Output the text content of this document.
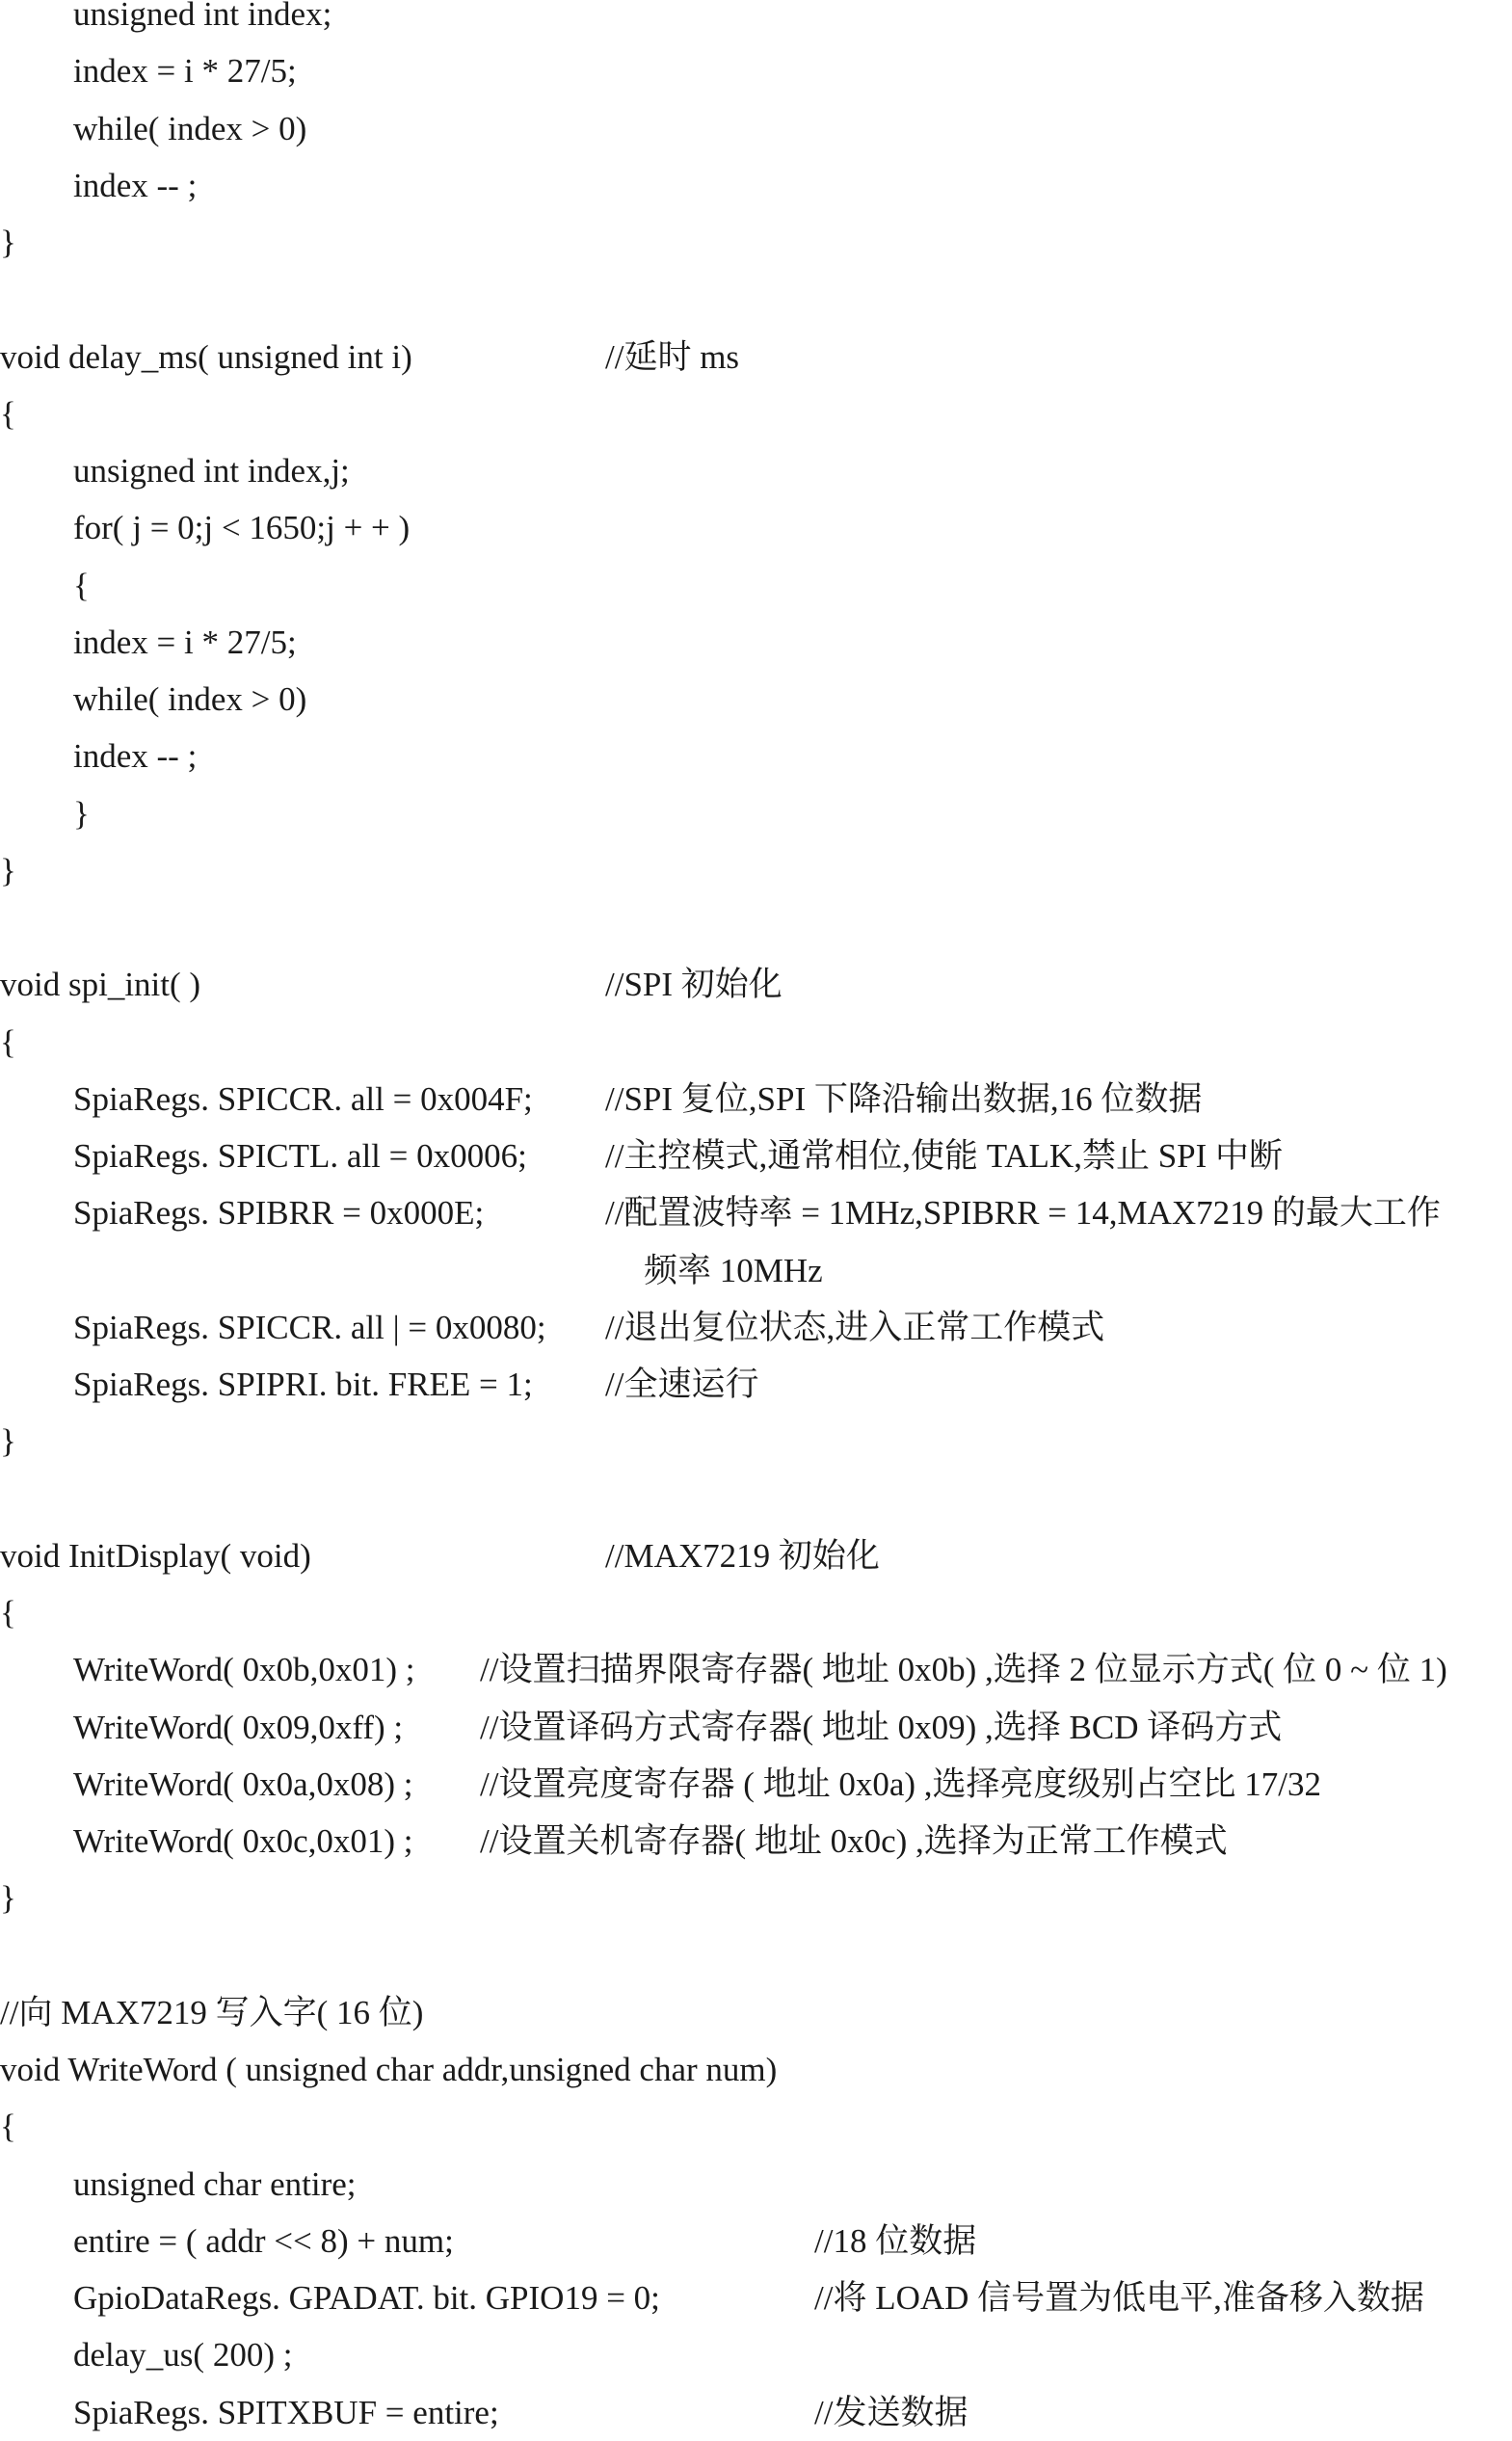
unsigned int index;
index = i * 27/5;
while( index > 0)
index -- ;
}
void delay_ms( unsigned int i)	//延时 ms
{
unsigned int index,j;
for( j = 0;j < 1650;j + + )
{
index = i * 27/5;
while( index > 0)
index -- ;
}
}
void spi_init( )	//SPI 初始化
{
SpiaRegs. SPICCR. all = 0x004F; //SPI 复位,SPI 下降沿输出数据,16 位数据
SpiaRegs. SPICTL. all = 0x0006; //主控模式,通常相位,使能 TALK,禁止 SPI 中断
SpiaRegs. SPIBRR = 0x000E;	//配置波特率 = 1MHz,SPIBRR = 14,MAX7219 的最大工作
频率 10MHz
SpiaRegs. SPICCR. all | = 0x0080; //退出复位状态,进入正常工作模式
SpiaRegs. SPIPRI. bit. FREE = 1; //全速运行
}
void InitDisplay( void)	//MAX7219 初始化
{
WriteWord( 0x0b,0x01) ; //设置扫描界限寄存器( 地址 0x0b) ,选择 2 位显示方式( 位 0 ~ 位 1)
WriteWord( 0x09,0xff) ; //设置译码方式寄存器( 地址 0x09) ,选择 BCD 译码方式
WriteWord( 0x0a,0x08) ; //设置亮度寄存器 ( 地址 0x0a) ,选择亮度级别占空比 17/32
WriteWord( 0x0c,0x01) ; //设置关机寄存器( 地址 0x0c) ,选择为正常工作模式
}
//向 MAX7219 写入字( 16 位)
void WriteWord ( unsigned char addr,unsigned char num)
{
unsigned char entire;
entire = ( addr << 8) + num;	//18 位数据
GpioDataRegs. GPADAT. bit. GPIO19 = 0;	//将 LOAD 信号置为低电平,准备移入数据
delay_us( 200) ;
SpiaRegs. SPITXBUF = entire;	//发送数据
